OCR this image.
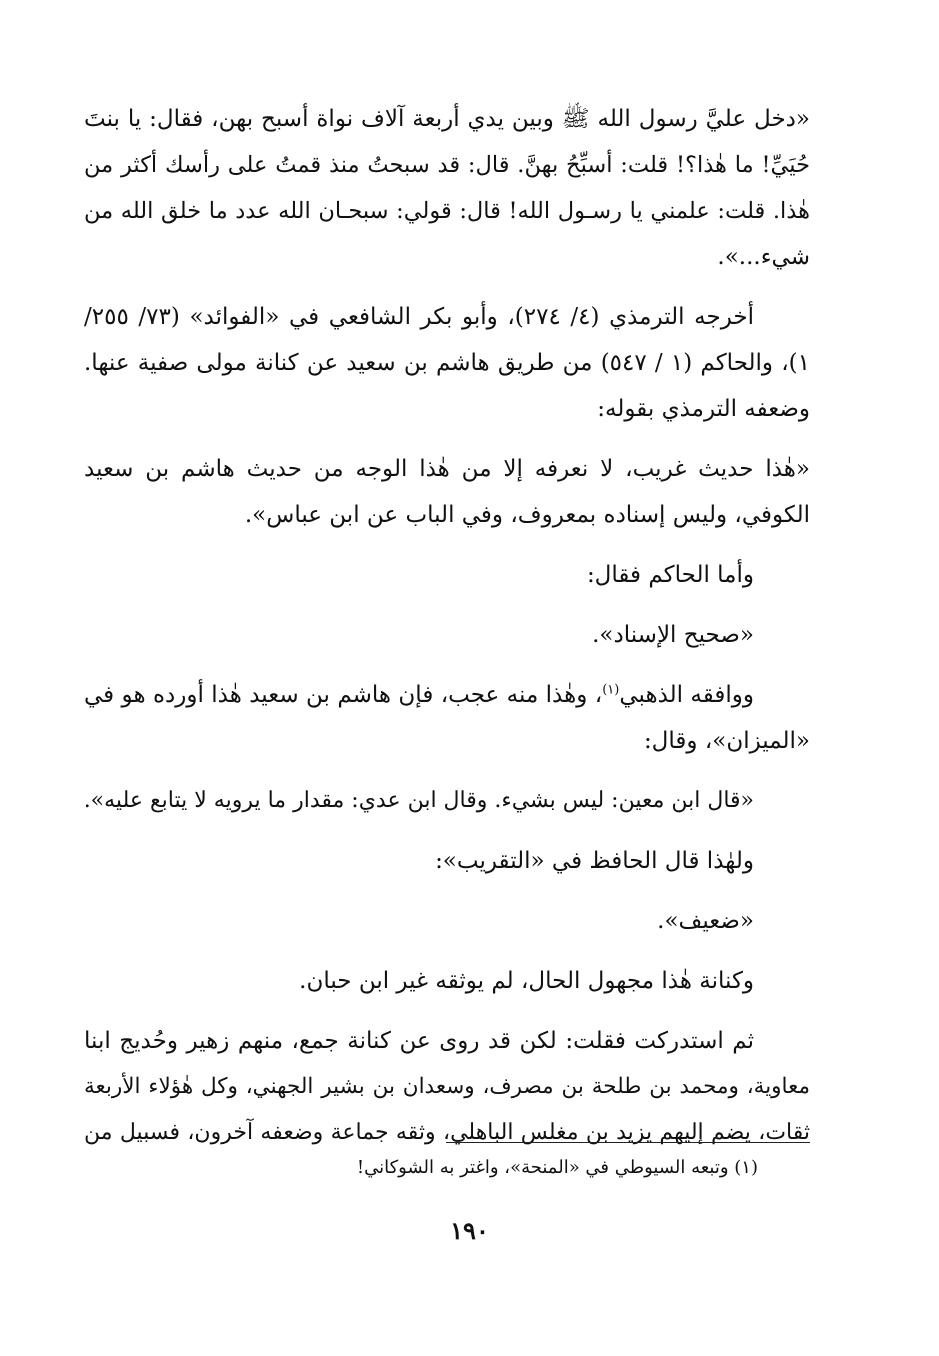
«دخل عليَّ رسول الله ﷺ وبين يدي أربعة آلاف نواة أسبح بهن، فقال: يا بنتَ
حُيَيِّ! ما هٰذا؟! قلت: أسبِّحُ بهنَّ. قال: قد سبحتُ منذ قمتُ على رأسك أكثر من
هٰذا. قلت: علمني يا رسـول الله! قال: قولي: سبحـان الله عدد ما خلق الله من
شيء...».

أخرجه الترمذي (٤/ ٢٧٤)، وأبو بكر الشافعي في «الفوائد» (٧٣/ ٢٥٥/
١)، والحاكم (١ / ٥٤٧) من طريق هاشم بن سعيد عن كنانة مولى صفية عنها.
وضعفه الترمذي بقوله:

«هٰذا حديث غريب، لا نعرفه إلا من هٰذا الوجه من حديث هاشم بن سعيد
الكوفي، وليس إسناده بمعروف، وفي الباب عن ابن عباس».

وأما الحاكم فقال:

«صحيح الإسناد».

ووافقه الذهبي$^{(١)}$، وهٰذا منه عجب، فإن هاشم بن سعيد هٰذا أورده هو في
«الميزان»، وقال:

«قال ابن معين: ليس بشيء. وقال ابن عدي: مقدار ما يرويه لا يتابع عليه».

ولهٰذا قال الحافظ في «التقريب»:

«ضعيف».

وكنانة هٰذا مجهول الحال، لم يوثقه غير ابن حبان.

ثم استدركت فقلت: لكن قد روى عن كنانة جمع، منهم زهير وحُديج ابنا
معاوية، ومحمد بن طلحة بن مصرف، وسعدان بن بشير الجهني، وكل هٰؤلاء الأربعة
ثقات، يضم إليهم يزيد بن مغلس الباهلي، وثقه جماعة وضعفه آخرون، فسبيل من

(١) وتبعه السيوطي في «المنحة»، واغتر به الشوكاني!
١٩٠
